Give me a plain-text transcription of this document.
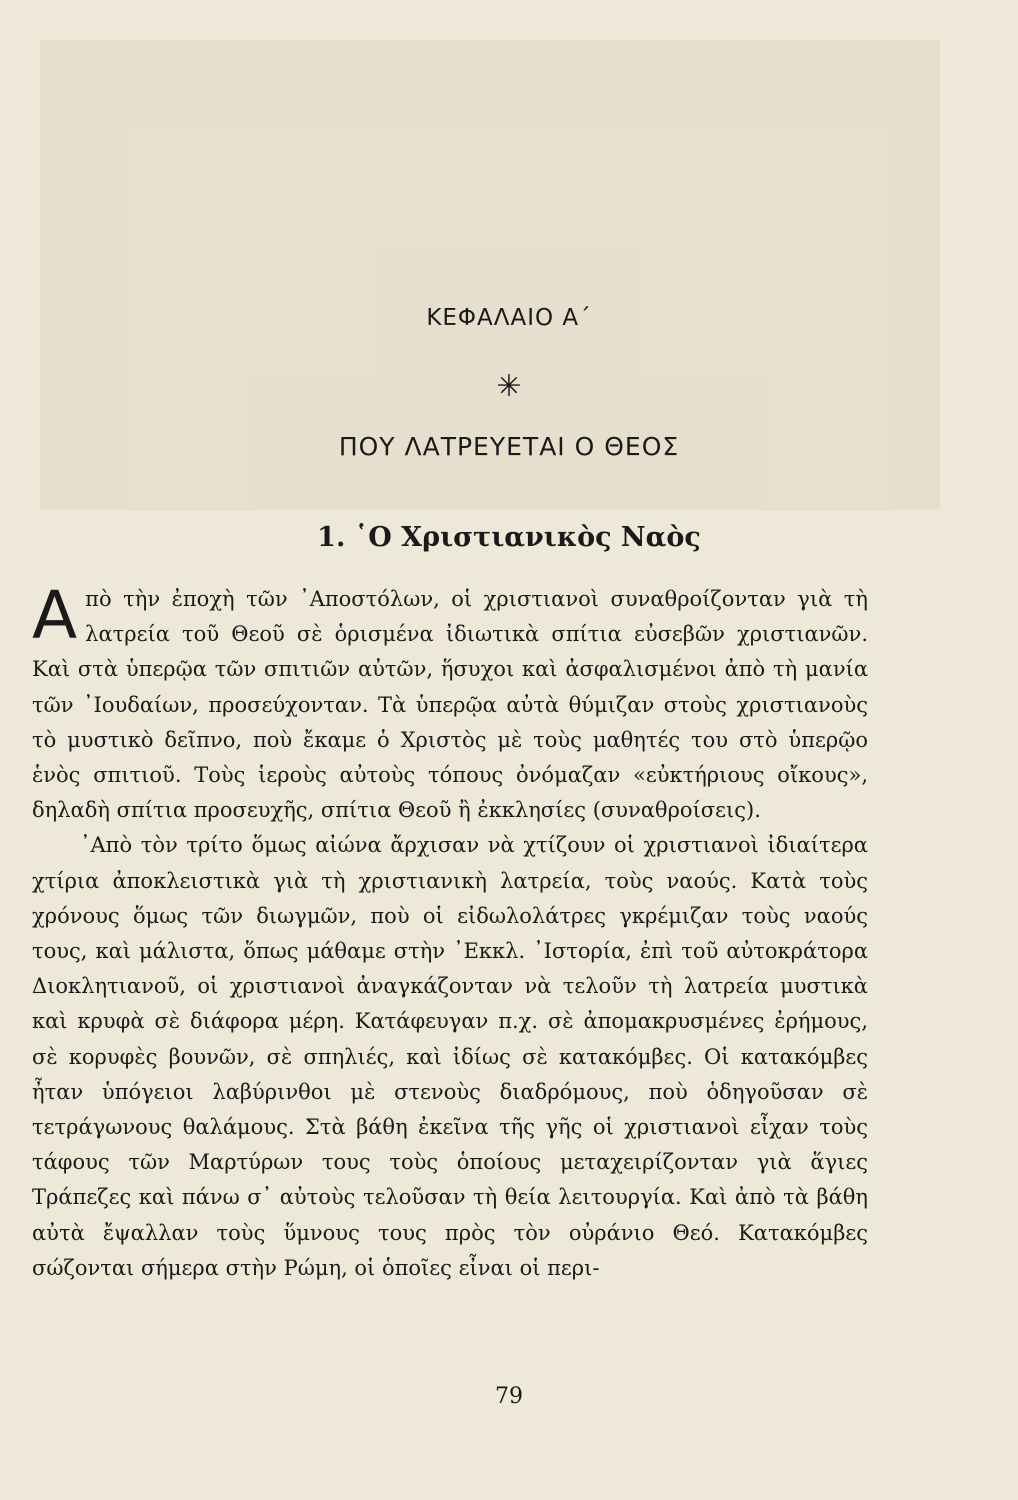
ΚΕΦΑΛΑΙΟ Α΄
✳
ΠΟΥ ΛΑΤΡΕΥΕΤΑΙ Ο ΘΕΟΣ
1. ῾Ο Χριστιανικὸς Ναὸς

Απὸ τὴν ἐποχὴ τῶν ᾿Αποστόλων, οἱ χριστιανοὶ συναθροίζονταν γιὰ τὴ λατρεία τοῦ Θεοῦ σὲ ὁρισμένα ἰδιωτικὰ σπίτια εὐσεβῶν χριστιανῶν. Καὶ στὰ ὑπερῷα τῶν σπιτιῶν αὐτῶν, ἥσυχοι καὶ ἀσφαλισμένοι ἀπὸ τὴ μανία τῶν ᾿Ιουδαίων, προσεύχονταν. Τὰ ὑπερῷα αὐτὰ θύμιζαν στοὺς χριστιανοὺς τὸ μυστικὸ δεῖπνο, ποὺ ἔκαμε ὁ Χριστὸς μὲ τοὺς μαθητές του στὸ ὑπερῷο ἑνὸς σπιτιοῦ. Τοὺς ἱεροὺς αὐτοὺς τόπους ὀνόμαζαν «εὐκτήριους οἴκους», δηλαδὴ σπίτια προσευχῆς, σπίτια Θεοῦ ἢ ἐκκλησίες (συναθροίσεις).

᾿Απὸ τὸν τρίτο ὅμως αἰώνα ἄρχισαν νὰ χτίζουν οἱ χριστιανοὶ ἰδιαίτερα χτίρια ἀποκλειστικὰ γιὰ τὴ χριστιανικὴ λατρεία, τοὺς ναούς. Κατὰ τοὺς χρόνους ὅμως τῶν διωγμῶν, ποὺ οἱ εἰδωλολάτρες γκρέμιζαν τοὺς ναούς τους, καὶ μάλιστα, ὅπως μάθαμε στὴν ᾿Εκκλ. ᾿Ιστορία, ἐπὶ τοῦ αὐτοκράτορα Διοκλητιανοῦ, οἱ χριστιανοὶ ἀναγκάζονταν νὰ τελοῦν τὴ λατρεία μυστικὰ καὶ κρυφὰ σὲ διάφορα μέρη. Κατάφευγαν π.χ. σὲ ἀπομακρυσμένες ἐρήμους, σὲ κορυφὲς βουνῶν, σὲ σπηλιές, καὶ ἰδίως σὲ κατακόμβες. Οἱ κατακόμβες ἦταν ὑπόγειοι λαβύρινθοι μὲ στενοὺς διαδρόμους, ποὺ ὁδηγοῦσαν σὲ τετράγωνους θαλάμους. Στὰ βάθη ἐκεῖνα τῆς γῆς οἱ χριστιανοὶ εἶχαν τοὺς τάφους τῶν Μαρτύρων τους τοὺς ὁποίους μεταχειρίζονταν γιὰ ἅγιες Τράπεζες καὶ πάνω σ᾿ αὐτοὺς τελοῦσαν τὴ θεία λειτουργία. Καὶ ἀπὸ τὰ βάθη αὐτὰ ἔψαλλαν τοὺς ὕμνους τους πρὸς τὸν οὐράνιο Θεό. Κατακόμβες σώζονται σήμερα στὴν Ρώμη, οἱ ὁποῖες εἶναι οἱ περι-

79
